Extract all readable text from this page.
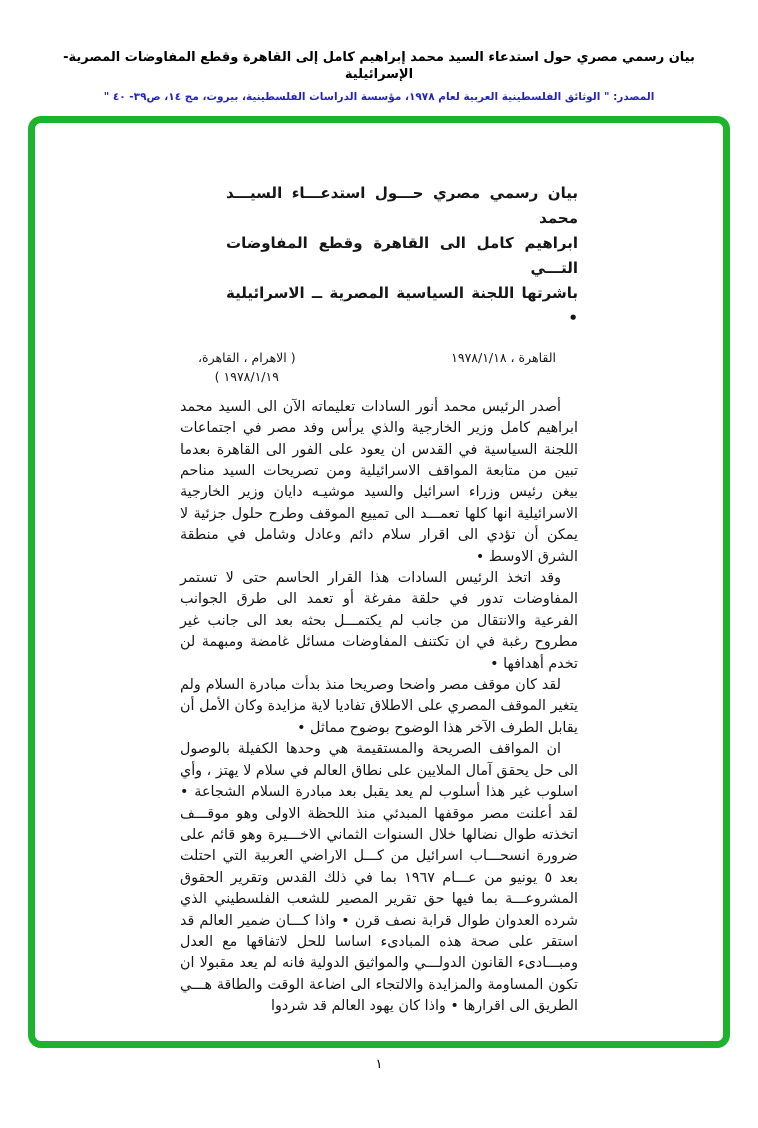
بيان رسمي مصري حول استدعاء السيد محمد إبراهيم كامل إلى القاهرة وقطع المفاوضات المصرية- الإسرائيلية
المصدر: " الوثائق الفلسطينية العربية لعام ١٩٧٨، مؤسسة الدراسات الفلسطينية، بيروت، مج ١٤، ص٣٩- ٤٠ "
بيان رسمي مصري حـــول استدعـــاء السيـــد محمد
ابراهيم كامل الى القاهرة وقطع المفاوضات التـــي
باشرتها اللجنة السياسية المصرية ــ الاسرائيلية •
القاهرة ، ١٩٧٨/١/١٨
( الاهرام ، القاهرة،
١٩٧٨/١/١٩ )

أصدر الرئيس محمد أنور السادات تعليماته الآن الى السيد محمد ابراهيم كامل وزير الخارجية والذي يرأس وفد مصر في اجتماعات اللجنة السياسية في القدس ان يعود على الفور الى القاهرة بعدما تبين من متابعة المواقف الاسرائيلية ومن تصريحات السيد مناحم بيغن رئيس وزراء اسرائيل والسيد موشيـه دايان وزير الخارجية الاسرائيلية انها كلها تعمـــد الى تمييع الموقف وطرح حلول جزئية لا يمكن أن تؤدي الى اقرار سلام دائم وعادل وشامل في منطقة الشرق الاوسط •

وقد اتخذ الرئيس السادات هذا القرار الحاسم حتى لا تستمر المفاوضات تدور في حلقة مفرغة أو تعمد الى طرق الجوانب الفرعية والانتقال من جانب لم يكتمـــل بحثه بعد الى جانب غير مطروح رغبة في ان تكتنف المفاوضات مسائل غامضة ومبهمة لن تخدم أهدافها •

لقد كان موقف مصر واضحا وصريحا منذ بدأت مبادرة السلام ولم يتغير الموقف المصري على الاطلاق تفاديا لاية مزايدة وكان الأمل أن يقابل الطرف الآخر هذا الوضوح بوضوح مماثل •

ان المواقف الصريحة والمستقيمة هي وحدها الكفيلة بالوصول الى حل يحقق آمال الملايين على نطاق العالم في سلام لا يهتز ، وأي اسلوب غير هذا أسلوب لم يعد يقبل بعد مبادرة السلام الشجاعة • لقد أعلنت مصر موقفها المبدئي منذ اللحظة الاولى وهو موقـــف اتخذته طوال نضالها خلال السنوات الثماني الاخـــيرة وهو قائم على ضرورة انسحـــاب اسرائيل من كـــل الاراضي العربية التي احتلت بعد ٥ يونيو من عـــام ١٩٦٧ بما في ذلك القدس وتقرير الحقوق المشروعـــة بما فيها حق تقرير المصير للشعب الفلسطيني الذي شرده العدوان طوال قرابة نصف قرن • واذا كـــان ضمير العالم قد استقر على صحة هذه المبادىء اساسا للحل لاتفاقها مع العدل ومبـــادىء القانون الدولـــي والمواثيق الدولية فانه لم يعد مقبولا ان تكون المساومة والمزايدة والالتجاء الى اضاعة الوقت والطاقة هـــي الطريق الى اقرارها • واذا كان يهود العالم قد شردوا

١
